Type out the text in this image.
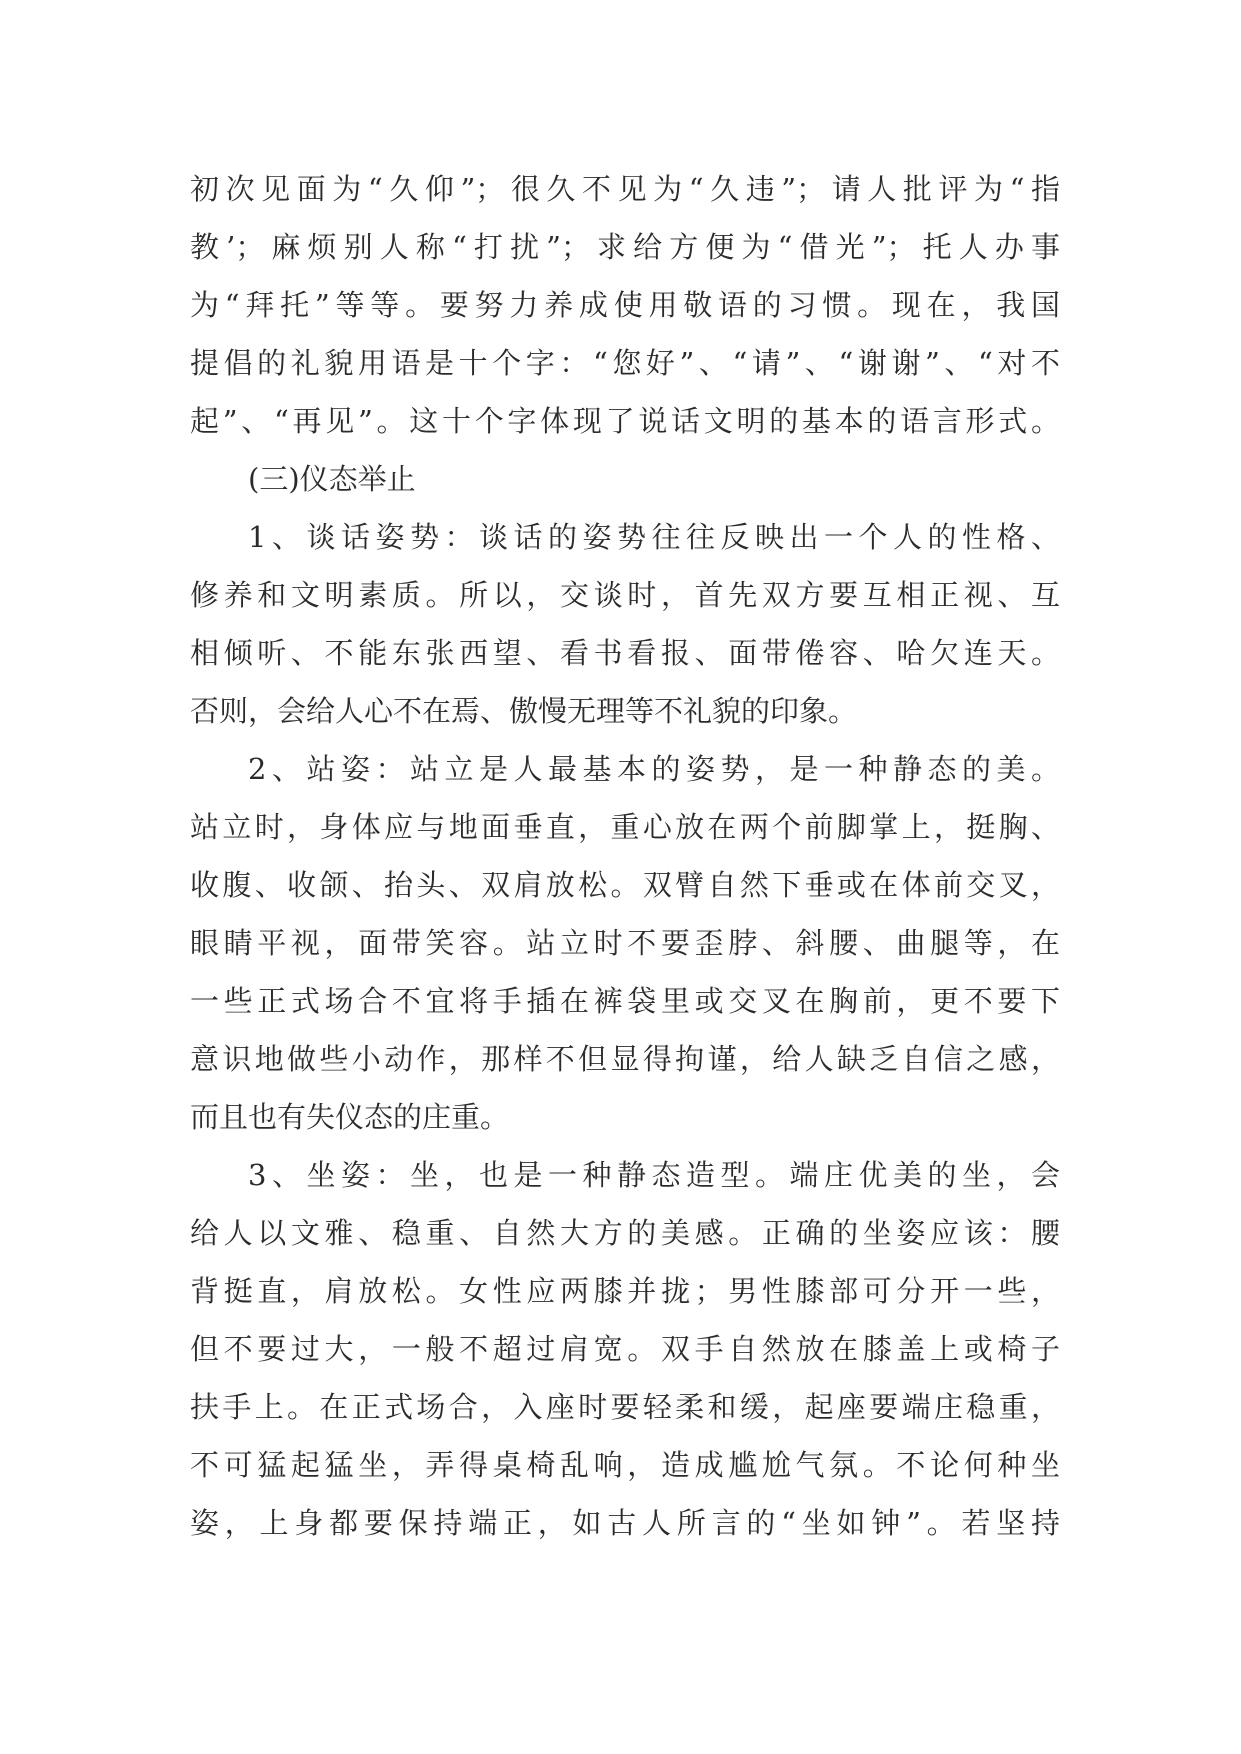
初次见面为“久仰”；很久不见为“久违”；请人批评为“指
教’；麻烦别人称“打扰”；求给方便为“借光”；托人办事
为“拜托”等等。要努力养成使用敬语的习惯。现在，我国
提倡的礼貌用语是十个字：“您好”、“请”、“谢谢”、“对不
起”、“再见”。这十个字体现了说话文明的基本的语言形式。
(三)仪态举止
1、谈话姿势：谈话的姿势往往反映出一个人的性格、
修养和文明素质。所以，交谈时，首先双方要互相正视、互
相倾听、不能东张西望、看书看报、面带倦容、哈欠连天。
否则，会给人心不在焉、傲慢无理等不礼貌的印象。
2、站姿：站立是人最基本的姿势，是一种静态的美。
站立时，身体应与地面垂直，重心放在两个前脚掌上，挺胸、
收腹、收颌、抬头、双肩放松。双臂自然下垂或在体前交叉，
眼睛平视，面带笑容。站立时不要歪脖、斜腰、曲腿等，在
一些正式场合不宜将手插在裤袋里或交叉在胸前，更不要下
意识地做些小动作，那样不但显得拘谨，给人缺乏自信之感，
而且也有失仪态的庄重。
3、坐姿：坐，也是一种静态造型。端庄优美的坐，会
给人以文雅、稳重、自然大方的美感。正确的坐姿应该：腰
背挺直，肩放松。女性应两膝并拢；男性膝部可分开一些，
但不要过大，一般不超过肩宽。双手自然放在膝盖上或椅子
扶手上。在正式场合，入座时要轻柔和缓，起座要端庄稳重，
不可猛起猛坐，弄得桌椅乱响，造成尴尬气氛。不论何种坐
姿，上身都要保持端正，如古人所言的“坐如钟”。若坚持
